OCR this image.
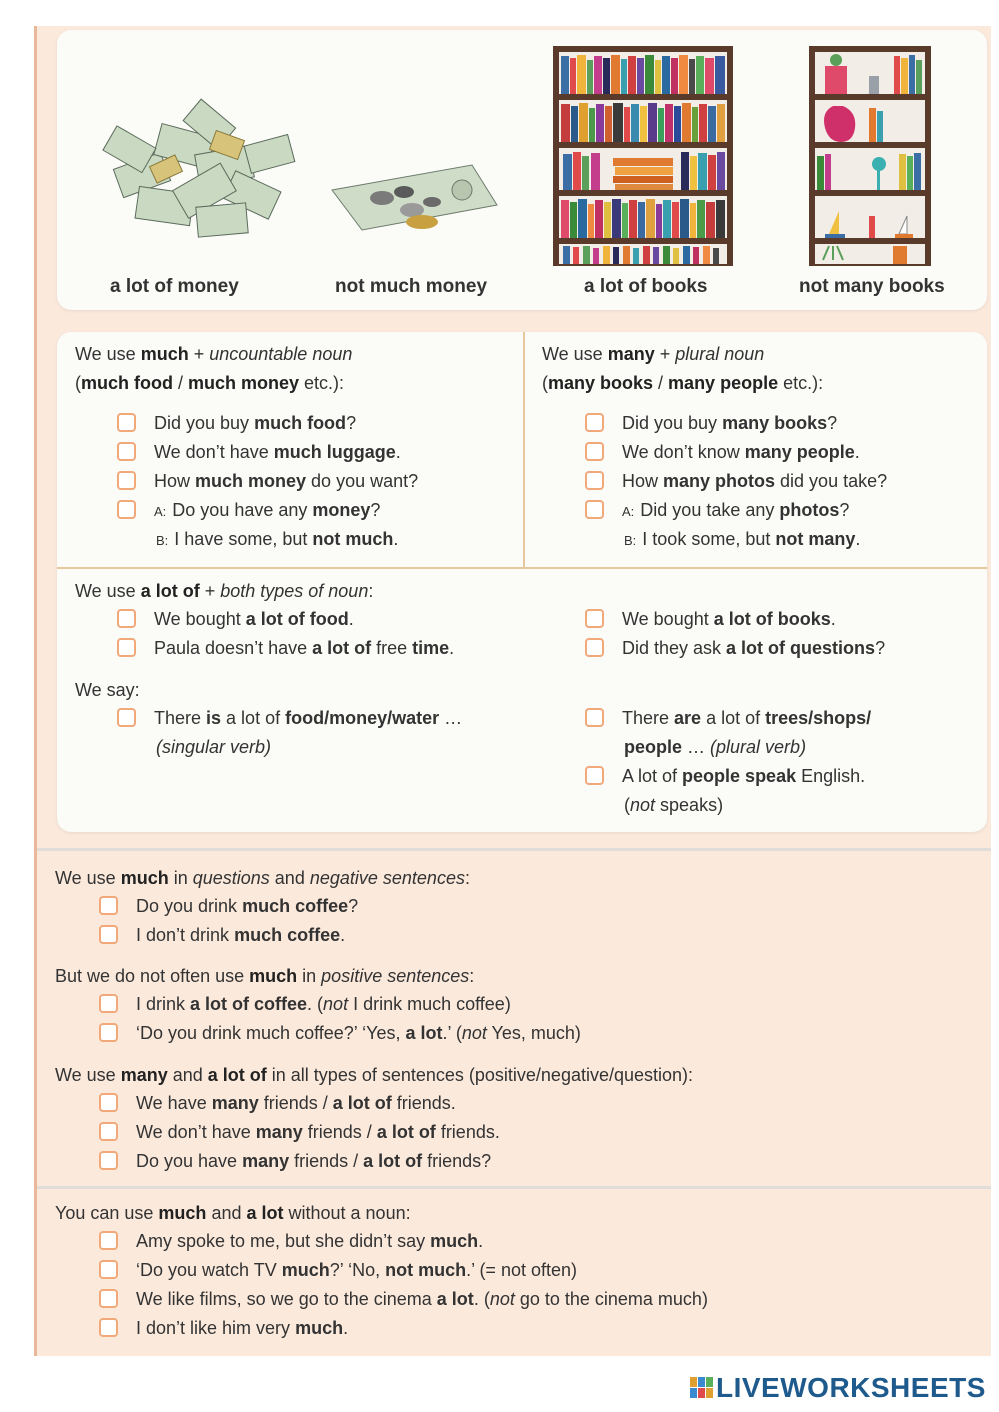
a lot of money	not much money	a lot of books	not many books
We use much + uncountable noun
(much food / much money etc.):
Did you buy much food?
We don’t have much luggage.
How much money do you want?
A: Do you have any money?
B: I have some, but not much.
We use many + plural noun
(many books / many people etc.):
Did you buy many books?
We don’t know many people.
How many photos did you take?
A: Did you take any photos?
B: I took some, but not many.
We use a lot of + both types of noun:
We bought a lot of food.
Paula doesn’t have a lot of free time.
We bought a lot of books.
Did they ask a lot of questions?
We say:
There is a lot of food/money/water …
(singular verb)
There are a lot of trees/shops/
people … (plural verb)
A lot of people speak English.
(not speaks)
We use much in questions and negative sentences:
Do you drink much coffee?
I don’t drink much coffee.
But we do not often use much in positive sentences:
I drink a lot of coffee. (not I drink much coffee)
‘Do you drink much coffee?’ ‘Yes, a lot.’ (not Yes, much)
We use many and a lot of in all types of sentences (positive/negative/question):
We have many friends / a lot of friends.
We don’t have many friends / a lot of friends.
Do you have many friends / a lot of friends?
You can use much and a lot without a noun:
Amy spoke to me, but she didn’t say much.
‘Do you watch TV much?’ ‘No, not much.’ (= not often)
We like films, so we go to the cinema a lot. (not go to the cinema much)
I don’t like him very much.
LIVEWORKSHEETS
